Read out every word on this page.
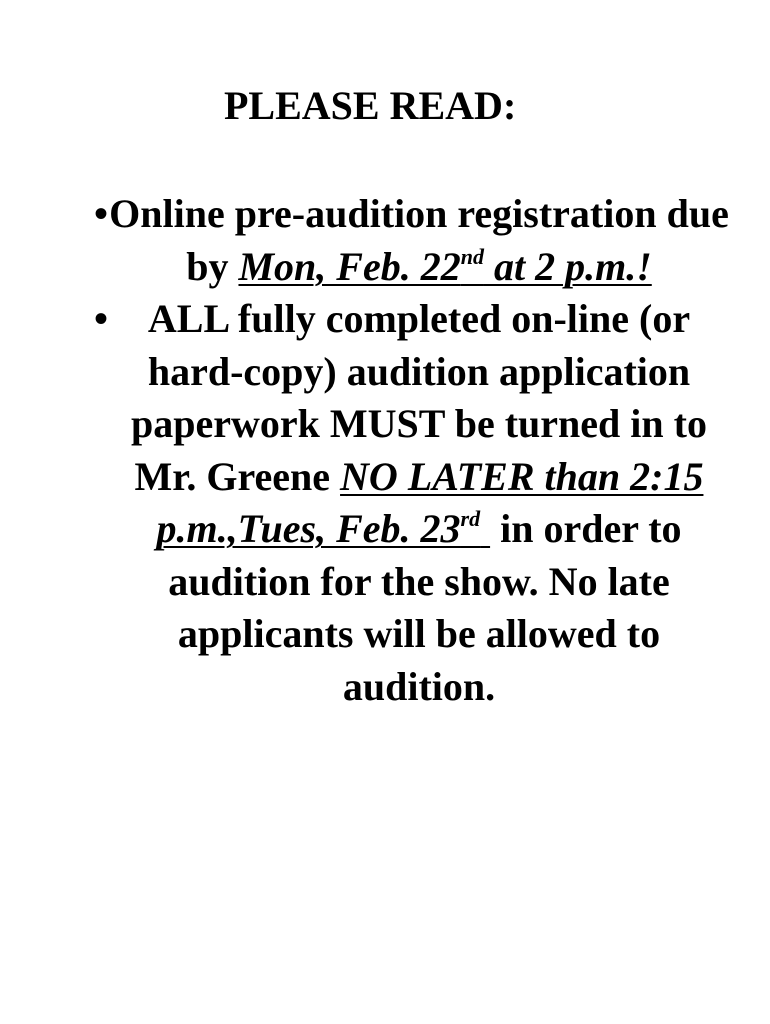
PLEASE READ:
• Online pre-audition registration due by Mon, Feb. 22nd at 2 p.m.!
• ALL fully completed on-line (or hard-copy) audition application paperwork MUST be turned in to Mr. Greene NO LATER than 2:15 p.m.,Tues, Feb. 23rd  in order to audition for the show. No late applicants will be allowed to audition.
